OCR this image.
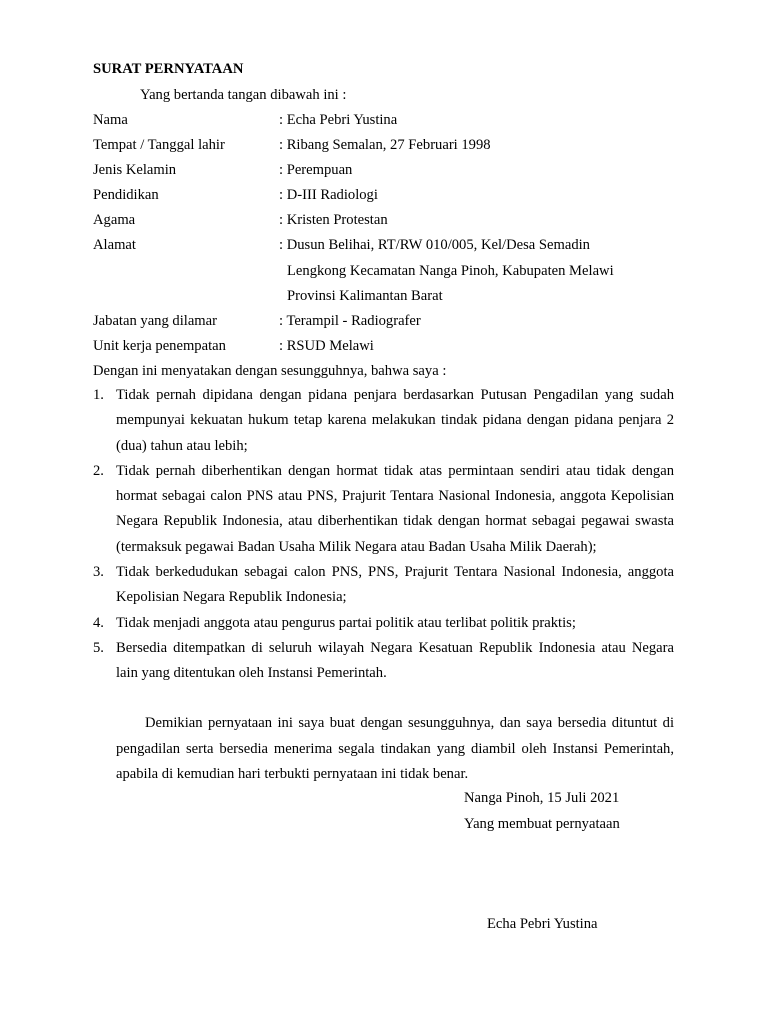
SURAT PERNYATAAN
Yang bertanda tangan dibawah ini :
Nama	: Echa Pebri Yustina
Tempat / Tanggal lahir	: Ribang Semalan, 27 Februari 1998
Jenis Kelamin	: Perempuan
Pendidikan	: D-III Radiologi
Agama	: Kristen Protestan
Alamat	: Dusun Belihai, RT/RW 010/005, Kel/Desa Semadin
Lengkong Kecamatan Nanga Pinoh, Kabupaten Melawi
Provinsi Kalimantan Barat
Jabatan yang dilamar	: Terampil - Radiografer
Unit kerja penempatan	: RSUD Melawi
Dengan ini menyatakan dengan sesungguhnya, bahwa saya :
1. Tidak pernah dipidana dengan pidana penjara berdasarkan Putusan Pengadilan yang sudah mempunyai kekuatan hukum tetap karena melakukan tindak pidana dengan pidana penjara 2 (dua) tahun atau lebih;
2. Tidak pernah diberhentikan dengan hormat tidak atas permintaan sendiri atau tidak dengan hormat sebagai calon PNS atau PNS, Prajurit Tentara Nasional Indonesia, anggota Kepolisian Negara Republik Indonesia, atau diberhentikan tidak dengan hormat sebagai pegawai swasta (termaksuk pegawai Badan Usaha Milik Negara atau Badan Usaha Milik Daerah);
3. Tidak berkedudukan sebagai calon PNS, PNS, Prajurit Tentara Nasional Indonesia, anggota Kepolisian Negara Republik Indonesia;
4. Tidak menjadi anggota atau pengurus partai politik atau terlibat politik praktis;
5. Bersedia ditempatkan di seluruh wilayah Negara Kesatuan Republik Indonesia atau Negara lain yang ditentukan oleh Instansi Pemerintah.

Demikian pernyataan ini saya buat dengan sesungguhnya, dan saya bersedia dituntut di pengadilan serta bersedia menerima segala tindakan yang diambil oleh Instansi Pemerintah, apabila di kemudian hari terbukti pernyataan ini tidak benar.

Nanga Pinoh, 15 Juli 2021
Yang membuat pernyataan
Echa Pebri Yustina
